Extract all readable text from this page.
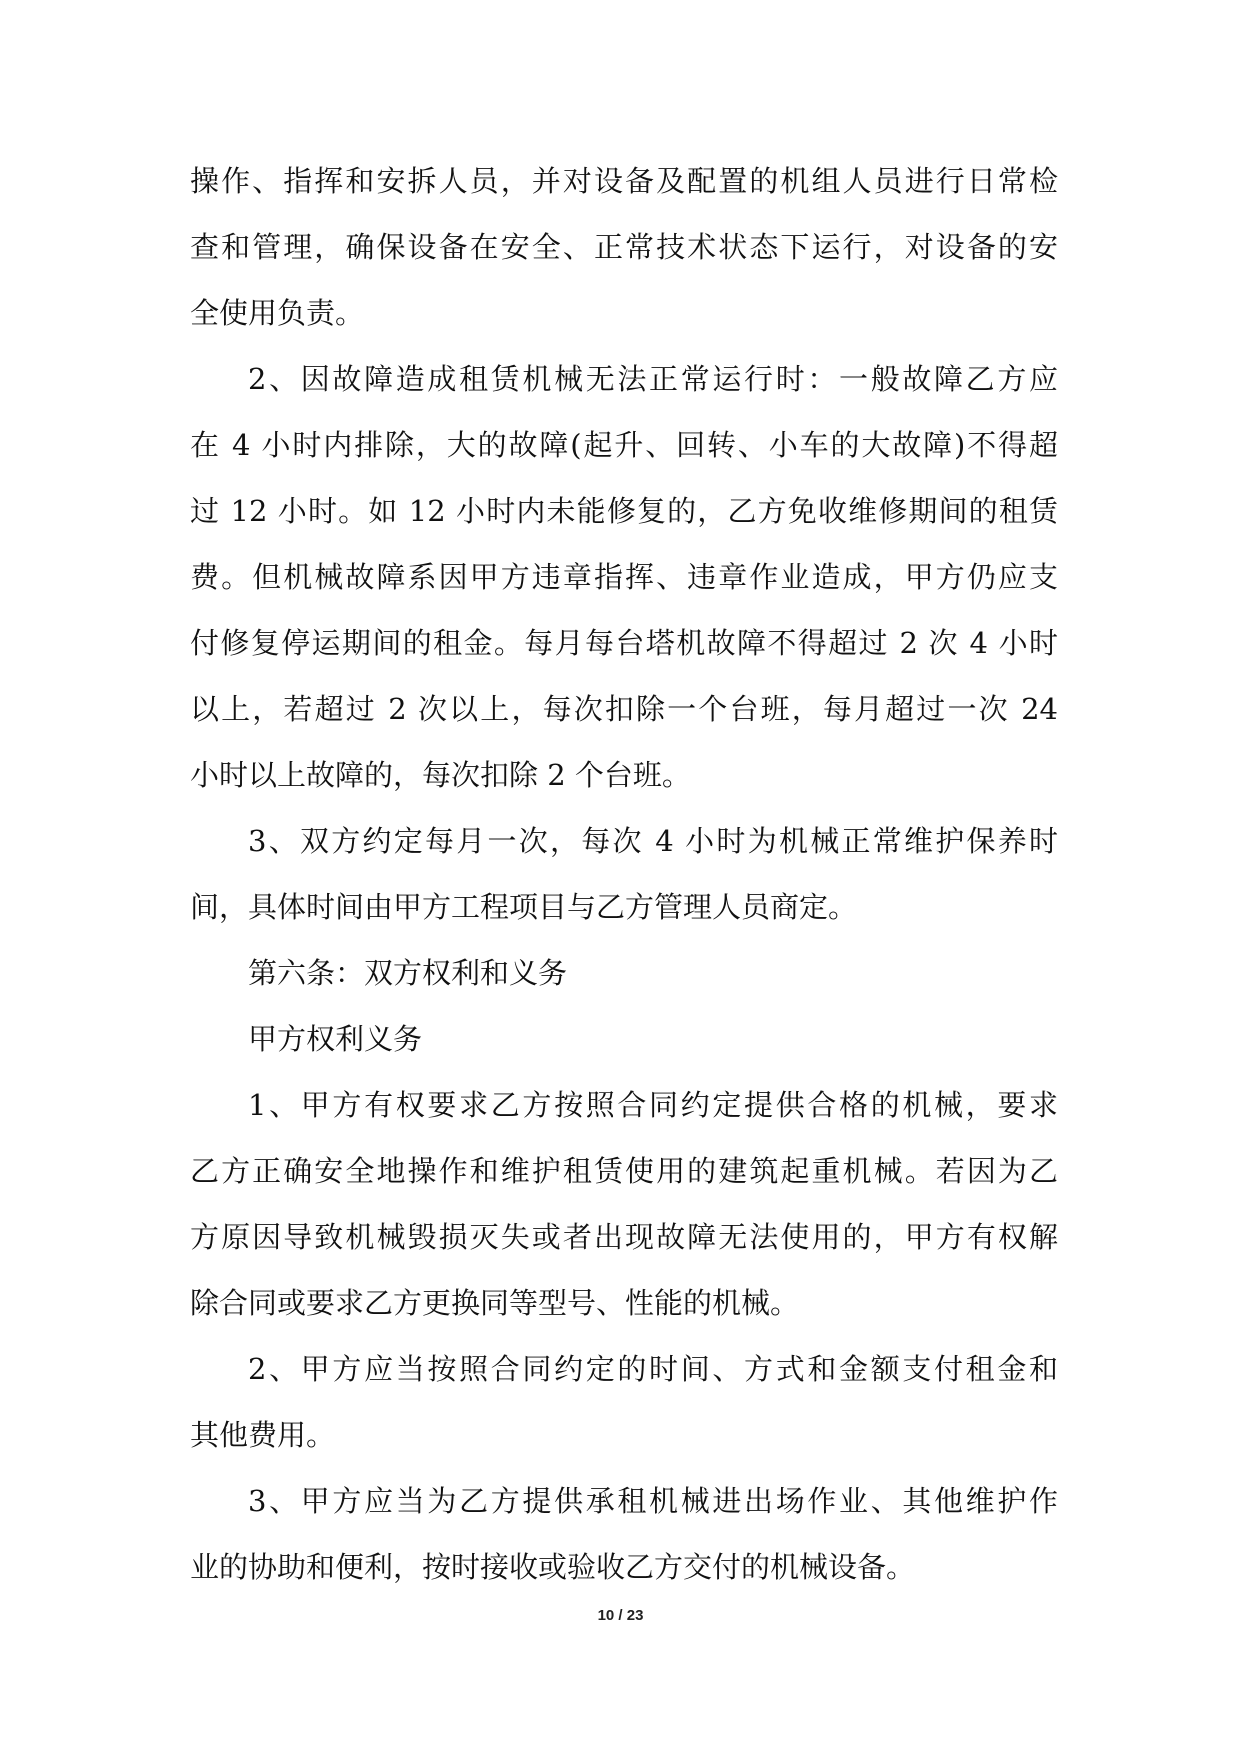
操作、指挥和安拆人员，并对设备及配置的机组人员进行日常检
查和管理，确保设备在安全、正常技术状态下运行，对设备的安
全使用负责。
2、因故障造成租赁机械无法正常运行时：一般故障乙方应
在 4 小时内排除，大的故障(起升、回转、小车的大故障)不得超
过 12 小时。如 12 小时内未能修复的，乙方免收维修期间的租赁
费。但机械故障系因甲方违章指挥、违章作业造成，甲方仍应支
付修复停运期间的租金。每月每台塔机故障不得超过 2 次 4 小时
以上，若超过 2 次以上，每次扣除一个台班，每月超过一次 24
小时以上故障的，每次扣除 2 个台班。
3、双方约定每月一次，每次 4 小时为机械正常维护保养时
间，具体时间由甲方工程项目与乙方管理人员商定。
第六条：双方权利和义务
甲方权利义务
1、甲方有权要求乙方按照合同约定提供合格的机械，要求
乙方正确安全地操作和维护租赁使用的建筑起重机械。若因为乙
方原因导致机械毁损灭失或者出现故障无法使用的，甲方有权解
除合同或要求乙方更换同等型号、性能的机械。
2、甲方应当按照合同约定的时间、方式和金额支付租金和
其他费用。
3、甲方应当为乙方提供承租机械进出场作业、其他维护作
业的协助和便利，按时接收或验收乙方交付的机械设备。
10 / 23
